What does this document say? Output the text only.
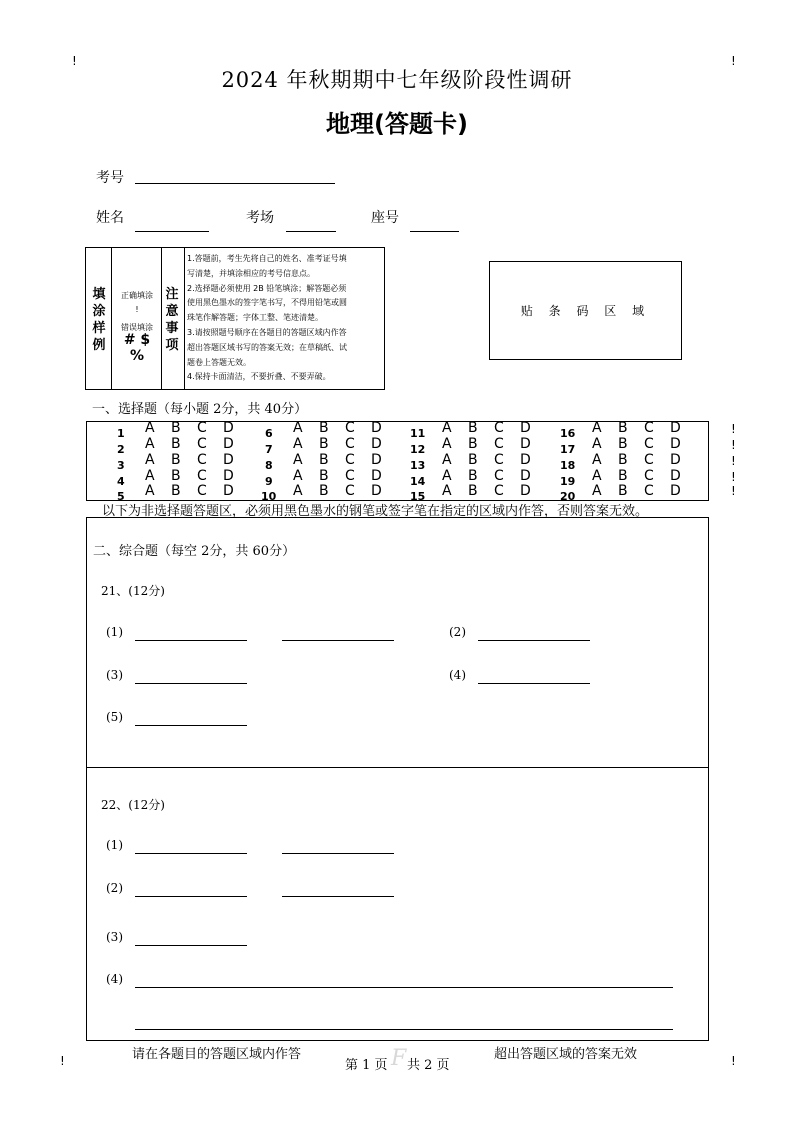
!	!
!	!
!
!
!
!
!
2024 年秋期期中七年级阶段性调研
地理(答题卡)
考号
姓名	考场	座号
填涂样例
正确填涂
!
错误填涂
# $ %
注意事项
1.答题前，考生先将自己的姓名、准考证号填
写清楚，并填涂相应的考号信息点。
2.选择题必须使用 2B 铅笔填涂；解答题必须
使用黑色墨水的签字笔书写，不得用铅笔或圆
珠笔作解答题；字体工整、笔迹清楚。
3.请按照题号顺序在各题目的答题区域内作答
超出答题区域书写的答案无效；在草稿纸、试
题卷上答题无效。
4.保持卡面清洁，不要折叠、不要弄破。
贴 条 码 区 域
一、选择题（每小题 2分，共 40分）
1 A B C D
2 A B C D
3 A B C D
4 A B C D
5 A B C D
6 A B C D
7 A B C D
8 A B C D
9 A B C D
10 A B C D
11 A B C D
12 A B C D
13 A B C D
14 A B C D
15 A B C D
16 A B C D
17 A B C D
18 A B C D
19 A B C D
20 A B C D
以下为非选择题答题区，必须用黑色墨水的钢笔或签字笔在指定的区域内作答，否则答案无效。
二、综合题（每空 2分，共 60分）
21、(12分)
(1)	(2)
(3)	(4)
(5)
22、(12分)
(1)
(2)
(3)
(4)
请在各题目的答题区域内作答	超出答题区域的答案无效
第 1 页 F 共 2 页
